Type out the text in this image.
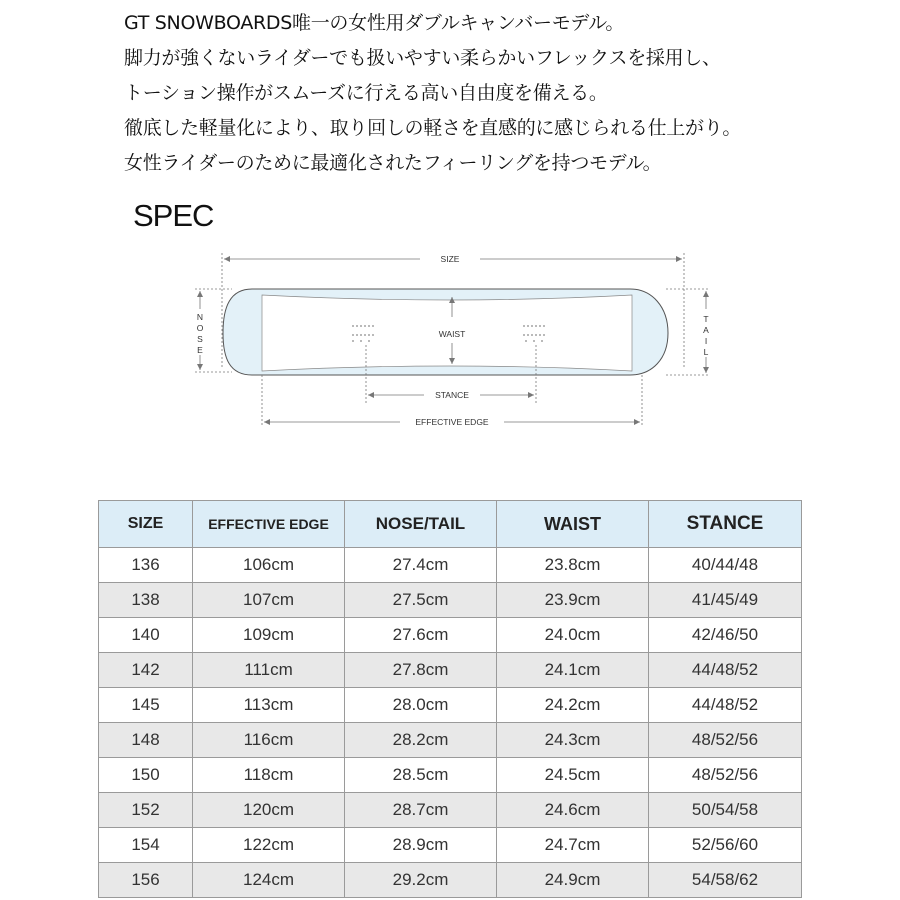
GT SNOWBOARDS唯一の女性用ダブルキャンバーモデル。
脚力が強くないライダーでも扱いやすい柔らかいフレックスを採用し、
トーション操作がスムーズに行える高い自由度を備える。
徹底した軽量化により、取り回しの軽さを直感的に感じられる仕上がり。
女性ライダーのために最適化されたフィーリングを持つモデル。
SPEC
SIZE
N
O
S
E
T
A
I
L
WAIST
STANCE
EFFECTIVE EDGE
SIZE	EFFECTIVE EDGE	NOSE/TAIL	WAIST	STANCE
136	106cm	27.4cm	23.8cm	40/44/48
138	107cm	27.5cm	23.9cm	41/45/49
140	109cm	27.6cm	24.0cm	42/46/50
142	111cm	27.8cm	24.1cm	44/48/52
145	113cm	28.0cm	24.2cm	44/48/52
148	116cm	28.2cm	24.3cm	48/52/56
150	118cm	28.5cm	24.5cm	48/52/56
152	120cm	28.7cm	24.6cm	50/54/58
154	122cm	28.9cm	24.7cm	52/56/60
156	124cm	29.2cm	24.9cm	54/58/62
